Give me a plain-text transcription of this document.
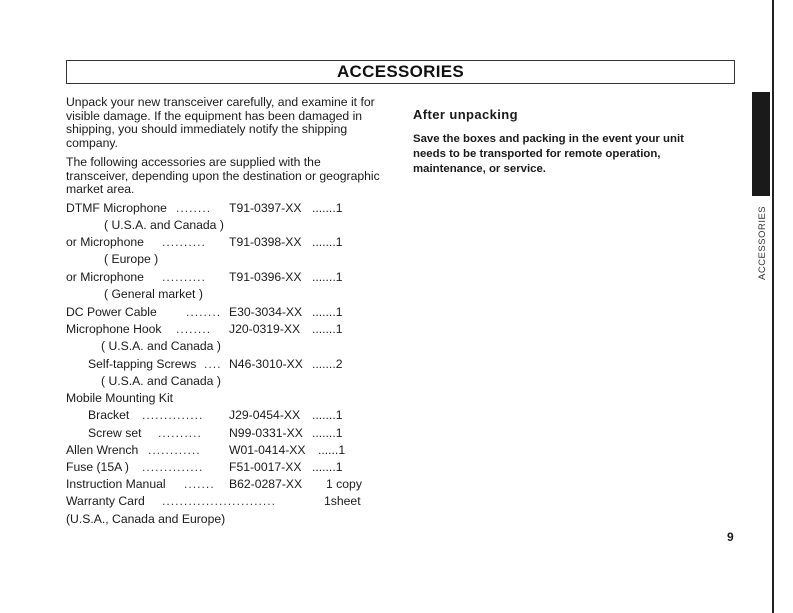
ACCESSORIES
Unpack your new transceiver carefully, and examine it for visible damage. If the equipment has been damaged in shipping, you should immediately notify the shipping company.
The following accessories are supplied with the transceiver, depending upon the destination or geographic market area.
DTMF Microphone ........ T91-0397-XX .......1
( U.S.A. and Canada )
or Microphone .......... T91-0398-XX .......1
( Europe )
or Microphone .......... T91-0396-XX .......1
( General market )
DC Power Cable ........ E30-3034-XX .......1
Microphone Hook ........ J20-0319-XX .......1
( U.S.A. and Canada )
Self-tapping Screws .... N46-3010-XX .......2
( U.S.A. and Canada )
Mobile Mounting Kit
Bracket .............. J29-0454-XX .......1
Screw set .......... N99-0331-XX .......1
Allen Wrench ............ W01-0414-XX ......1
Fuse (15A ) .............. F51-0017-XX .......1
Instruction Manual ....... B62-0287-XX 1 copy
Warranty Card ..........................	1sheet
(U.S.A., Canada and Europe)
After unpacking
Save the boxes and packing in the event your unit needs to be transported for remote operation, maintenance, or service.
ACCESSORIES
9
